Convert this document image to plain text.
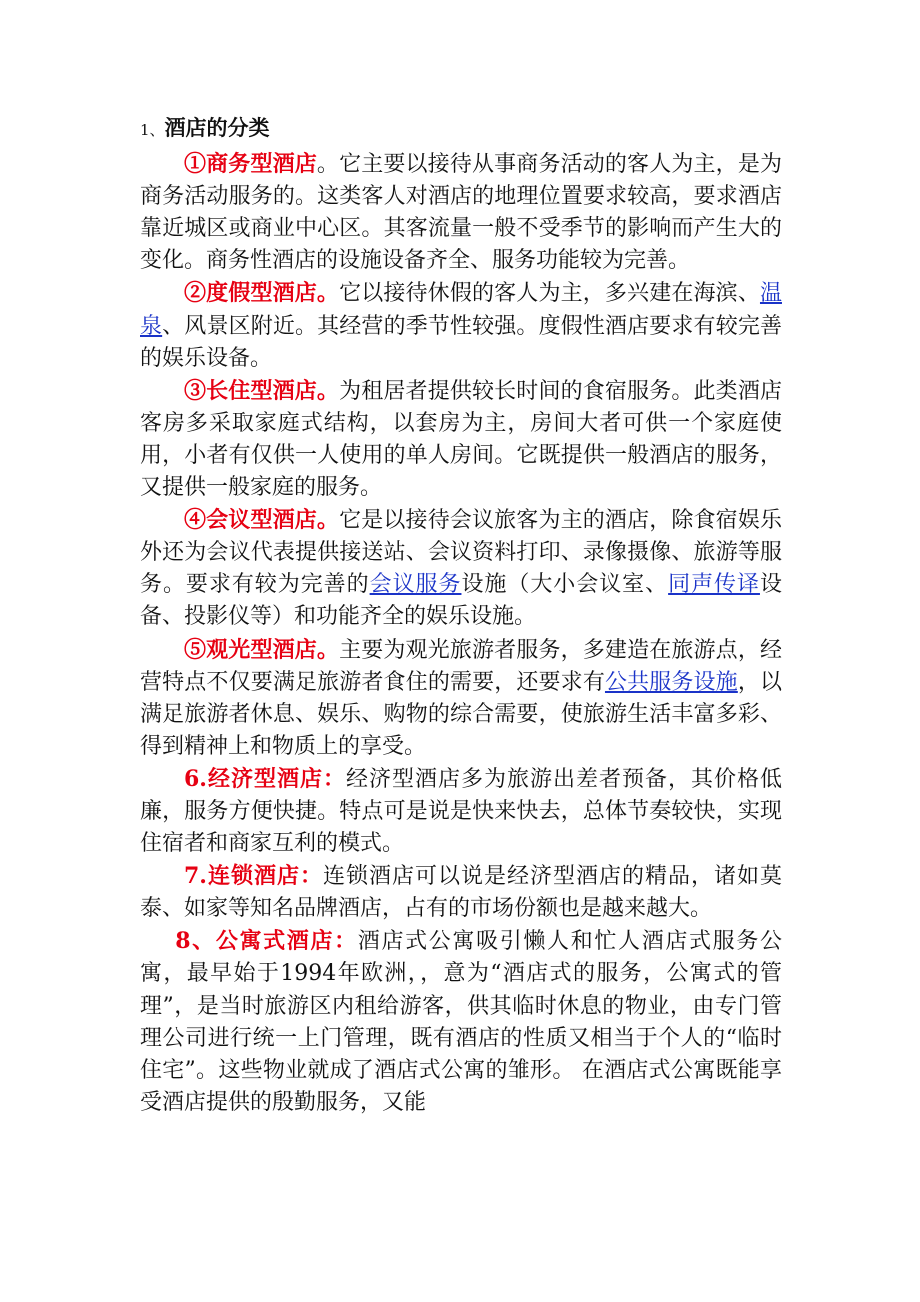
1、酒店的分类

①商务型酒店。它主要以接待从事商务活动的客人为主，是为商务活动服务的。这类客人对酒店的地理位置要求较高，要求酒店靠近城区或商业中心区。其客流量一般不受季节的影响而产生大的变化。商务性酒店的设施设备齐全、服务功能较为完善。

②度假型酒店。它以接待休假的客人为主，多兴建在海滨、温泉、风景区附近。其经营的季节性较强。度假性酒店要求有较完善的娱乐设备。

③长住型酒店。为租居者提供较长时间的食宿服务。此类酒店客房多采取家庭式结构，以套房为主，房间大者可供一个家庭使用，小者有仅供一人使用的单人房间。它既提供一般酒店的服务，又提供一般家庭的服务。

④会议型酒店。它是以接待会议旅客为主的酒店，除食宿娱乐外还为会议代表提供接送站、会议资料打印、录像摄像、旅游等服务。要求有较为完善的会议服务设施（大小会议室、同声传译设备、投影仪等）和功能齐全的娱乐设施。

⑤观光型酒店。主要为观光旅游者服务，多建造在旅游点，经营特点不仅要满足旅游者食住的需要，还要求有公共服务设施，以满足旅游者休息、娱乐、购物的综合需要，使旅游生活丰富多彩、得到精神上和物质上的享受。

6.经济型酒店：经济型酒店多为旅游出差者预备，其价格低廉，服务方便快捷。特点可是说是快来快去，总体节奏较快，实现住宿者和商家互利的模式。

7.连锁酒店：连锁酒店可以说是经济型酒店的精品，诸如莫泰、如家等知名品牌酒店，占有的市场份额也是越来越大。

8、公寓式酒店：酒店式公寓吸引懒人和忙人酒店式服务公寓，最早始于1994年欧洲，，意为“酒店式的服务，公寓式的管理”，是当时旅游区内租给游客，供其临时休息的物业，由专门管理公司进行统一上门管理，既有酒店的性质又相当于个人的“临时住宅”。这些物业就成了酒店式公寓的雏形。 在酒店式公寓既能享受酒店提供的殷勤服务，又能
